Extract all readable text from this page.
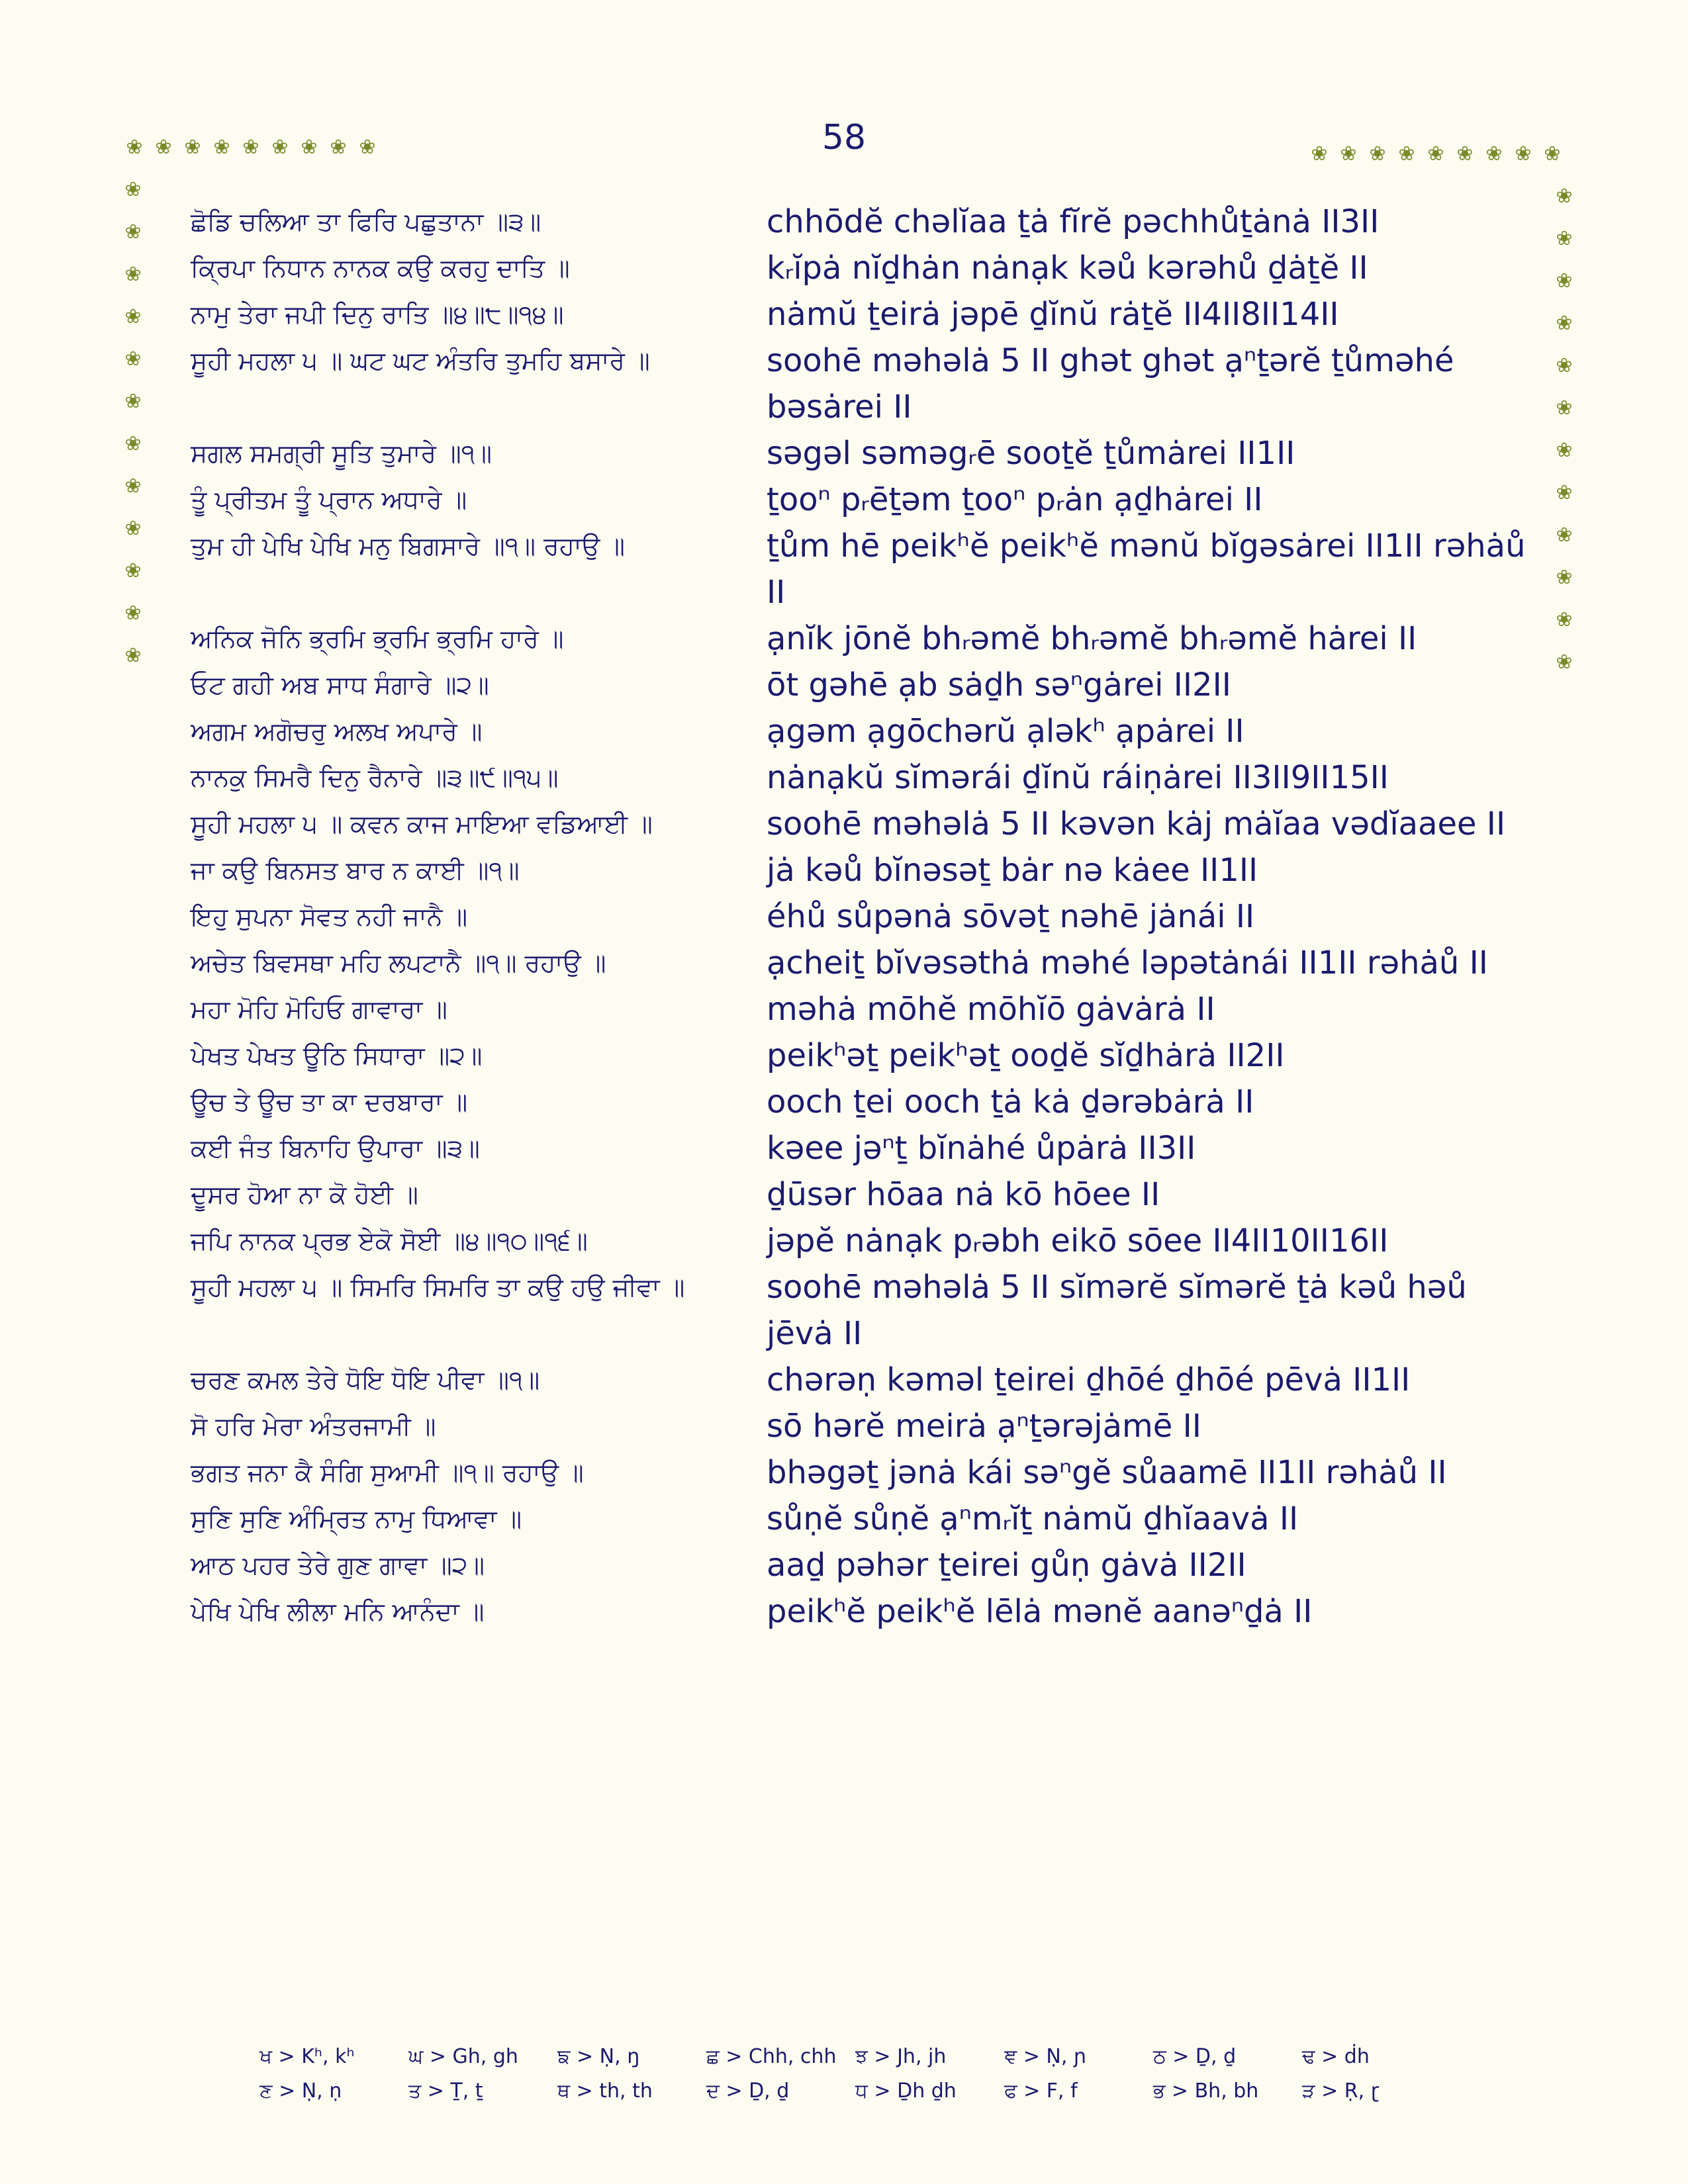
58
❀ ❀ ❀ ❀ ❀ ❀ ❀ ❀ ❀
❀
❀
❀
❀
❀
❀
❀
❀
❀
❀
❀
❀
❀ ❀ ❀ ❀ ❀ ❀ ❀ ❀ ❀
❀
❀
❀
❀
❀
❀
❀
❀
❀
❀
❀
❀
ਛੋਡਿ ਚਲਿਆ ਤਾ ਫਿਰਿ ਪਛੁਤਾਨਾ ॥੩॥	chhōdĕ chəlĭaa ṯȧ fĭrĕ pəchhůṯȧnȧ II3II
ਕ੍ਰਿਪਾ ਨਿਧਾਨ ਨਾਨਕ ਕਉ ਕਰਹੁ ਦਾਤਿ ॥	kᵣĭpȧ nĭḏhȧn nȧnạk kəů kərəhů ḏȧṯĕ II
ਨਾਮੁ ਤੇਰਾ ਜਪੀ ਦਿਨੁ ਰਾਤਿ ॥੪॥੮॥੧੪॥	nȧmŭ ṯeirȧ jəpē ḏĭnŭ rȧṯĕ II4II8II14II
ਸੂਹੀ ਮਹਲਾ ੫ ॥ ਘਟ ਘਟ ਅੰਤਰਿ ਤੁਮਹਿ ਬਸਾਰੇ ॥	soohē məhəlȧ 5 II ghət ghət ạⁿṯərĕ ṯůməhé bəsȧrei II
ਸਗਲ ਸਮਗ੍ਰੀ ਸੂਤਿ ਤੁਮਾਰੇ ॥੧॥	səgəl səməgᵣē sooṯĕ ṯůmȧrei II1II
ਤੂੰ ਪ੍ਰੀਤਮ ਤੂੰ ਪ੍ਰਾਨ ਅਧਾਰੇ ॥	ṯooⁿ pᵣēṯəm ṯooⁿ pᵣȧn ạḏhȧrei II
ਤੁਮ ਹੀ ਪੇਖਿ ਪੇਖਿ ਮਨੁ ਬਿਗਸਾਰੇ ॥੧॥ ਰਹਾਉ ॥	ṯům hē peikʰĕ peikʰĕ mənŭ bĭgəsȧrei II1II rəhȧů II
ਅਨਿਕ ਜੋਨਿ ਭ੍ਰਮਿ ਭ੍ਰਮਿ ਭ੍ਰਮਿ ਹਾਰੇ ॥	ạnĭk jōnĕ bhᵣəmĕ bhᵣəmĕ bhᵣəmĕ hȧrei II
ਓਟ ਗਹੀ ਅਬ ਸਾਧ ਸੰਗਾਰੇ ॥੨॥	ōt gəhē ạb sȧḏh səⁿgȧrei II2II
ਅਗਮ ਅਗੋਚਰੁ ਅਲਖ ਅਪਾਰੇ ॥	ạgəm ạgōchərŭ ạləkʰ ạpȧrei II
ਨਾਨਕੁ ਸਿਮਰੈ ਦਿਨੁ ਰੈਨਾਰੇ ॥੩॥੯॥੧੫॥	nȧnạkŭ sĭmərái ḏĭnŭ ráiṇȧrei II3II9II15II
ਸੂਹੀ ਮਹਲਾ ੫ ॥ ਕਵਨ ਕਾਜ ਮਾਇਆ ਵਡਿਆਈ ॥	soohē məhəlȧ 5 II kəvən kȧj mȧĭaa vədĭaaee II
ਜਾ ਕਉ ਬਿਨਸਤ ਬਾਰ ਨ ਕਾਈ ॥੧॥	jȧ kəů bĭnəsəṯ bȧr nə kȧee II1II
ਇਹੁ ਸੁਪਨਾ ਸੋਵਤ ਨਹੀ ਜਾਨੈ ॥	éhů sůpənȧ sōvəṯ nəhē jȧnái II
ਅਚੇਤ ਬਿਵਸਥਾ ਮਹਿ ਲਪਟਾਨੈ ॥੧॥ ਰਹਾਉ ॥	ạcheiṯ bĭvəsəthȧ məhé ləpətȧnái II1II rəhȧů II
ਮਹਾ ਮੋਹਿ ਮੋਹਿਓ ਗਾਵਾਰਾ ॥	məhȧ mōhĕ mōhĭō gȧvȧrȧ II
ਪੇਖਤ ਪੇਖਤ ਊਠਿ ਸਿਧਾਰਾ ॥੨॥	peikʰəṯ peikʰəṯ ooḏĕ sĭḏhȧrȧ II2II
ਊਚ ਤੇ ਊਚ ਤਾ ਕਾ ਦਰਬਾਰਾ ॥	ooch ṯei ooch ṯȧ kȧ ḏərəbȧrȧ II
ਕਈ ਜੰਤ ਬਿਨਾਹਿ ਉਪਾਰਾ ॥੩॥	kəee jəⁿṯ bĭnȧhé ůpȧrȧ II3II
ਦੂਸਰ ਹੋਆ ਨਾ ਕੋ ਹੋਈ ॥	ḏūsər hōaa nȧ kō hōee II
ਜਪਿ ਨਾਨਕ ਪ੍ਰਭ ਏਕੋ ਸੋਈ ॥੪॥੧੦॥੧੬॥	jəpĕ nȧnạk pᵣəbh eikō sōee II4II10II16II
ਸੂਹੀ ਮਹਲਾ ੫ ॥ ਸਿਮਰਿ ਸਿਮਰਿ ਤਾ ਕਉ ਹਉ ਜੀਵਾ ॥	soohē məhəlȧ 5 II sĭmərĕ sĭmərĕ ṯȧ kəů həů jēvȧ II
ਚਰਣ ਕਮਲ ਤੇਰੇ ਧੋਇ ਧੋਇ ਪੀਵਾ ॥੧॥	chərəṇ kəməl ṯeirei ḏhōé ḏhōé pēvȧ II1II
ਸੋ ਹਰਿ ਮੇਰਾ ਅੰਤਰਜਾਮੀ ॥	sō hərĕ meirȧ ạⁿṯərəjȧmē II
ਭਗਤ ਜਨਾ ਕੈ ਸੰਗਿ ਸੁਆਮੀ ॥੧॥ ਰਹਾਉ ॥	bhəgəṯ jənȧ kái səⁿgĕ sůaamē II1II rəhȧů II
ਸੁਣਿ ਸੁਣਿ ਅੰਮ੍ਰਿਤ ਨਾਮੁ ਧਿਆਵਾ ॥	sůṇĕ sůṇĕ ạⁿmᵣĭṯ nȧmŭ ḏhĭaavȧ II
ਆਠ ਪਹਰ ਤੇਰੇ ਗੁਣ ਗਾਵਾ ॥੨॥	aaḏ pəhər ṯeirei gůṇ gȧvȧ II2II
ਪੇਖਿ ਪੇਖਿ ਲੀਲਾ ਮਨਿ ਆਨੰਦਾ ॥	peikʰĕ peikʰĕ lēlȧ mənĕ aanəⁿḏȧ II
ਖ > Kʰ, kʰ	ਘ > Gh, gh	ਙ > Ṇ, ŋ	ਛ > Chh, chh ਝ > Jh, jh	ਞ > Ṇ, ɲ	ਠ > Ḏ, ḏ	ਢ > ḋh
ਣ > Ṇ, ṇ	ਤ > Ṯ, ṯ	ਥ > th, th	ਦ > Ḏ, ḏ	ਧ > Ḏh ḏh	ਫ > F, f	ਭ > Bh, bh	ੜ > Ṛ, ɽ
